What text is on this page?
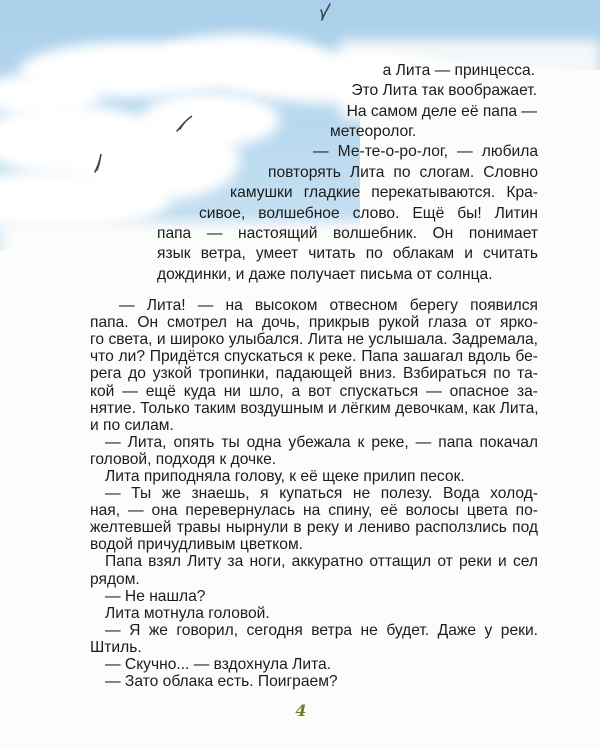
а Лита — принцесса.
Это Лита так воображает.
На самом деле её папа —
метеоролог.
— Ме-те-о-ро-лог, — любила
повторять Лита по слогам. Словно
камушки гладкие перекатываются. Кра-
сивое, волшебное слово. Ещё бы! Литин
папа — настоящий волшебник. Он понимает
язык ветра, умеет читать по облакам и считать
дождинки, и даже получает письма от солнца.
— Лита! — на высоком отвесном берегу появился
папа. Он смотрел на дочь, прикрыв рукой глаза от ярко-
го света, и широко улыбался. Лита не услышала. Задремала,
что ли? Придётся спускаться к реке. Папа зашагал вдоль бе-
рега до узкой тропинки, падающей вниз. Взбираться по та-
кой — ещё куда ни шло, а вот спускаться — опасное за-
нятие. Только таким воздушным и лёгким девочкам, как Лита,
и по силам.
— Лита, опять ты одна убежала к реке, — папа покачал
головой, подходя к дочке.
Лита приподняла голову, к её щеке прилип песок.
— Ты же знаешь, я купаться не полезу. Вода холод-
ная, — она перевернулась на спину, её волосы цвета по-
желтевшей травы нырнули в реку и лениво расползлись под
водой причудливым цветком.
Папа взял Литу за ноги, аккуратно оттащил от реки и сел
рядом.
— Не нашла?
Лита мотнула головой.
— Я же говорил, сегодня ветра не будет. Даже у реки.
Штиль.
— Скучно... — вздохнула Лита.
— Зато облака есть. Поиграем?
4
